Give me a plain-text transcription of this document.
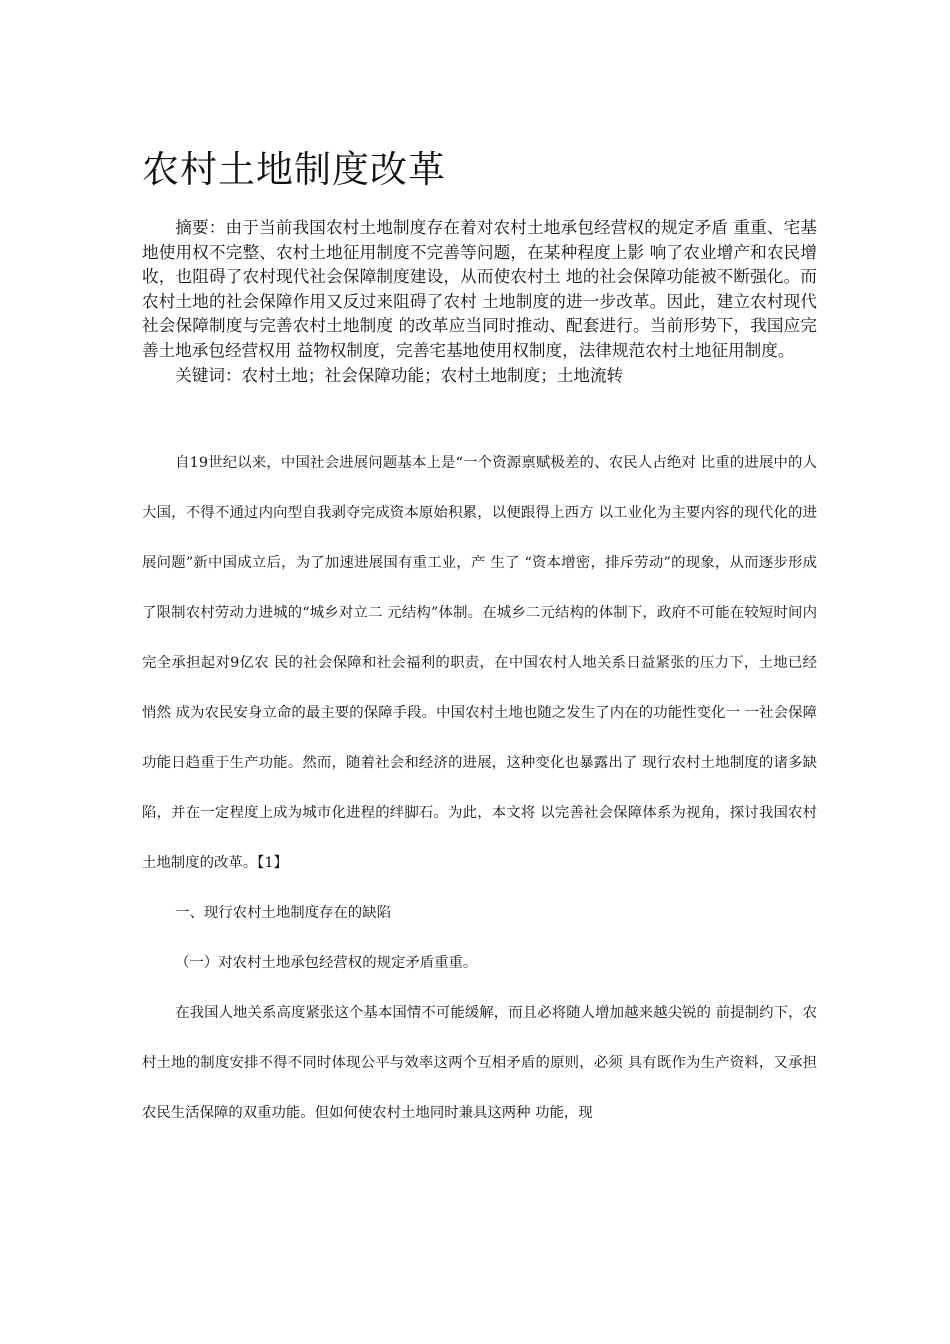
农村土地制度改革

摘要：由于当前我国农村土地制度存在着对农村土地承包经营权的规定矛盾 重重、宅基地使用权不完整、农村土地征用制度不完善等问题，在某种程度上影 响了农业增产和农民增收，也阻碍了农村现代社会保障制度建设，从而使农村土 地的社会保障功能被不断强化。而农村土地的社会保障作用又反过来阻碍了农村 土地制度的进一步改革。因此，建立农村现代社会保障制度与完善农村土地制度 的改革应当同时推动、配套进行。当前形势下，我国应完善土地承包经营权用 益物权制度，完善宅基地使用权制度，法律规范农村土地征用制度。

关键词：农村土地；社会保障功能；农村土地制度；土地流转

自19世纪以来，中国社会进展问题基本上是“一个资源禀赋极差的、农民人占绝对 比重的进展中的人大国，不得不通过内向型自我剥夺完成资本原始积累，以便跟得上西方 以工业化为主要内容的现代化的进展问题”新中国成立后，为了加速进展国有重工业，产 生了 “资本增密，排斥劳动”的现象，从而逐步形成了限制农村劳动力进城的“城乡对立二 元结构”体制。在城乡二元结构的体制下，政府不可能在较短时间内完全承担起对9亿农 民的社会保障和社会福利的职责，在中国农村人地关系日益紧张的压力下，土地已经悄然 成为农民安身立命的最主要的保障手段。中国农村土地也随之发生了内在的功能性变化一 一社会保障功能日趋重于生产功能。然而，随着社会和经济的进展，这种变化也暴露出了 现行农村土地制度的诸多缺陷，并在一定程度上成为城市化进程的绊脚石。为此，本文将 以完善社会保障体系为视角，探讨我国农村土地制度的改革。【1】

一、现行农村土地制度存在的缺陷

（一）对农村土地承包经营权的规定矛盾重重。

在我国人地关系高度紧张这个基本国情不可能缓解，而且必将随人增加越来越尖锐的 前提制约下，农村土地的制度安排不得不同时体现公平与效率这两个互相矛盾的原则，必须 具有既作为生产资料，又承担农民生活保障的双重功能。但如何使农村土地同时兼具这两种 功能，现
